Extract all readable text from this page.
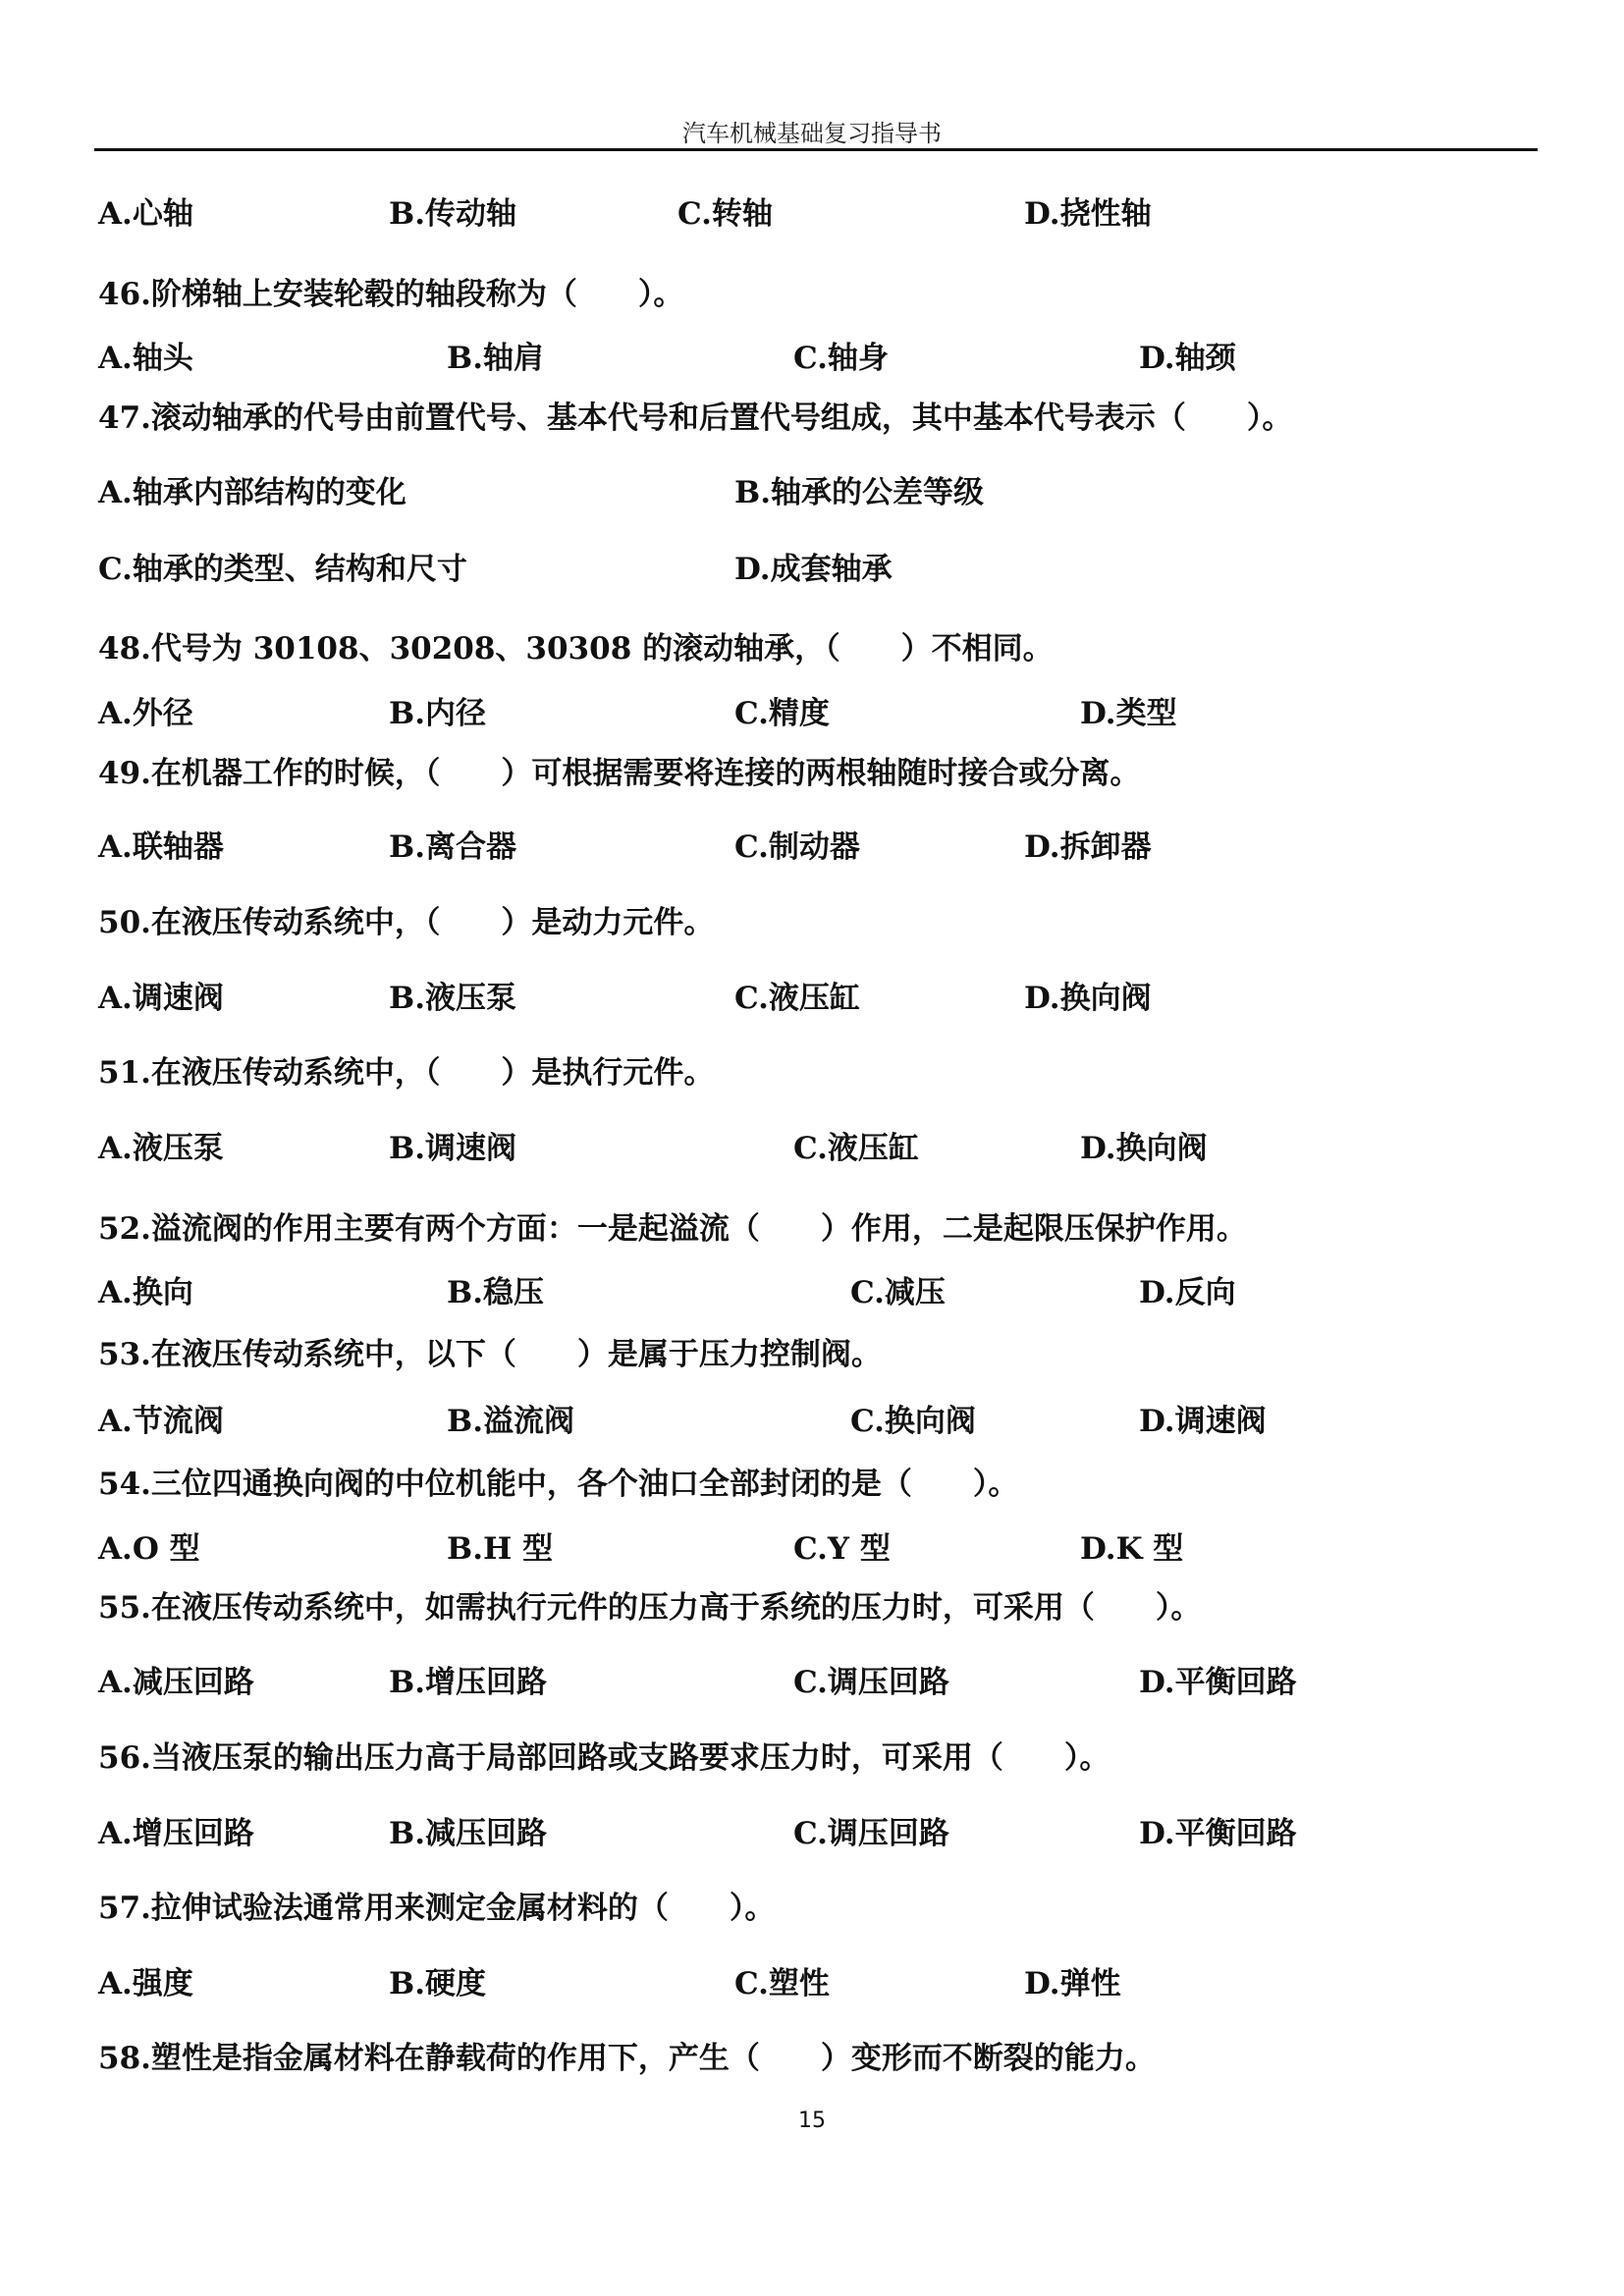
汽车机械基础复习指导书
A.心轴	B.传动轴	C.转轴	D.挠性轴
46.阶梯轴上安装轮毂的轴段称为（　　）。
A.轴头	B.轴肩	C.轴身	D.轴颈
47.滚动轴承的代号由前置代号、基本代号和后置代号组成，其中基本代号表示（　　）。
A.轴承内部结构的变化	B.轴承的公差等级
C.轴承的类型、结构和尺寸	D.成套轴承
48.代号为 30108、30208、30308 的滚动轴承，（　　）不相同。
A.外径	B.内径	C.精度	D.类型
49.在机器工作的时候，（　　）可根据需要将连接的两根轴随时接合或分离。
A.联轴器	B.离合器	C.制动器	D.拆卸器
50.在液压传动系统中，（　　）是动力元件。
A.调速阀	B.液压泵	C.液压缸	D.换向阀
51.在液压传动系统中，（　　）是执行元件。
A.液压泵	B.调速阀	C.液压缸	D.换向阀
52.溢流阀的作用主要有两个方面：一是起溢流（　　）作用，二是起限压保护作用。
A.换向	B.稳压	C.减压	D.反向
53.在液压传动系统中，以下（　　）是属于压力控制阀。
A.节流阀	B.溢流阀	C.换向阀	D.调速阀
54.三位四通换向阀的中位机能中，各个油口全部封闭的是（　　）。
A.O 型	B.H 型	C.Y 型	D.K 型
55.在液压传动系统中，如需执行元件的压力高于系统的压力时，可采用（　　）。
A.减压回路	B.增压回路	C.调压回路	D.平衡回路
56.当液压泵的输出压力高于局部回路或支路要求压力时，可采用（　　）。
A.增压回路	B.减压回路	C.调压回路	D.平衡回路
57.拉伸试验法通常用来测定金属材料的（　　）。
A.强度	B.硬度	C.塑性	D.弹性
58.塑性是指金属材料在静载荷的作用下，产生（　　）变形而不断裂的能力。
15
